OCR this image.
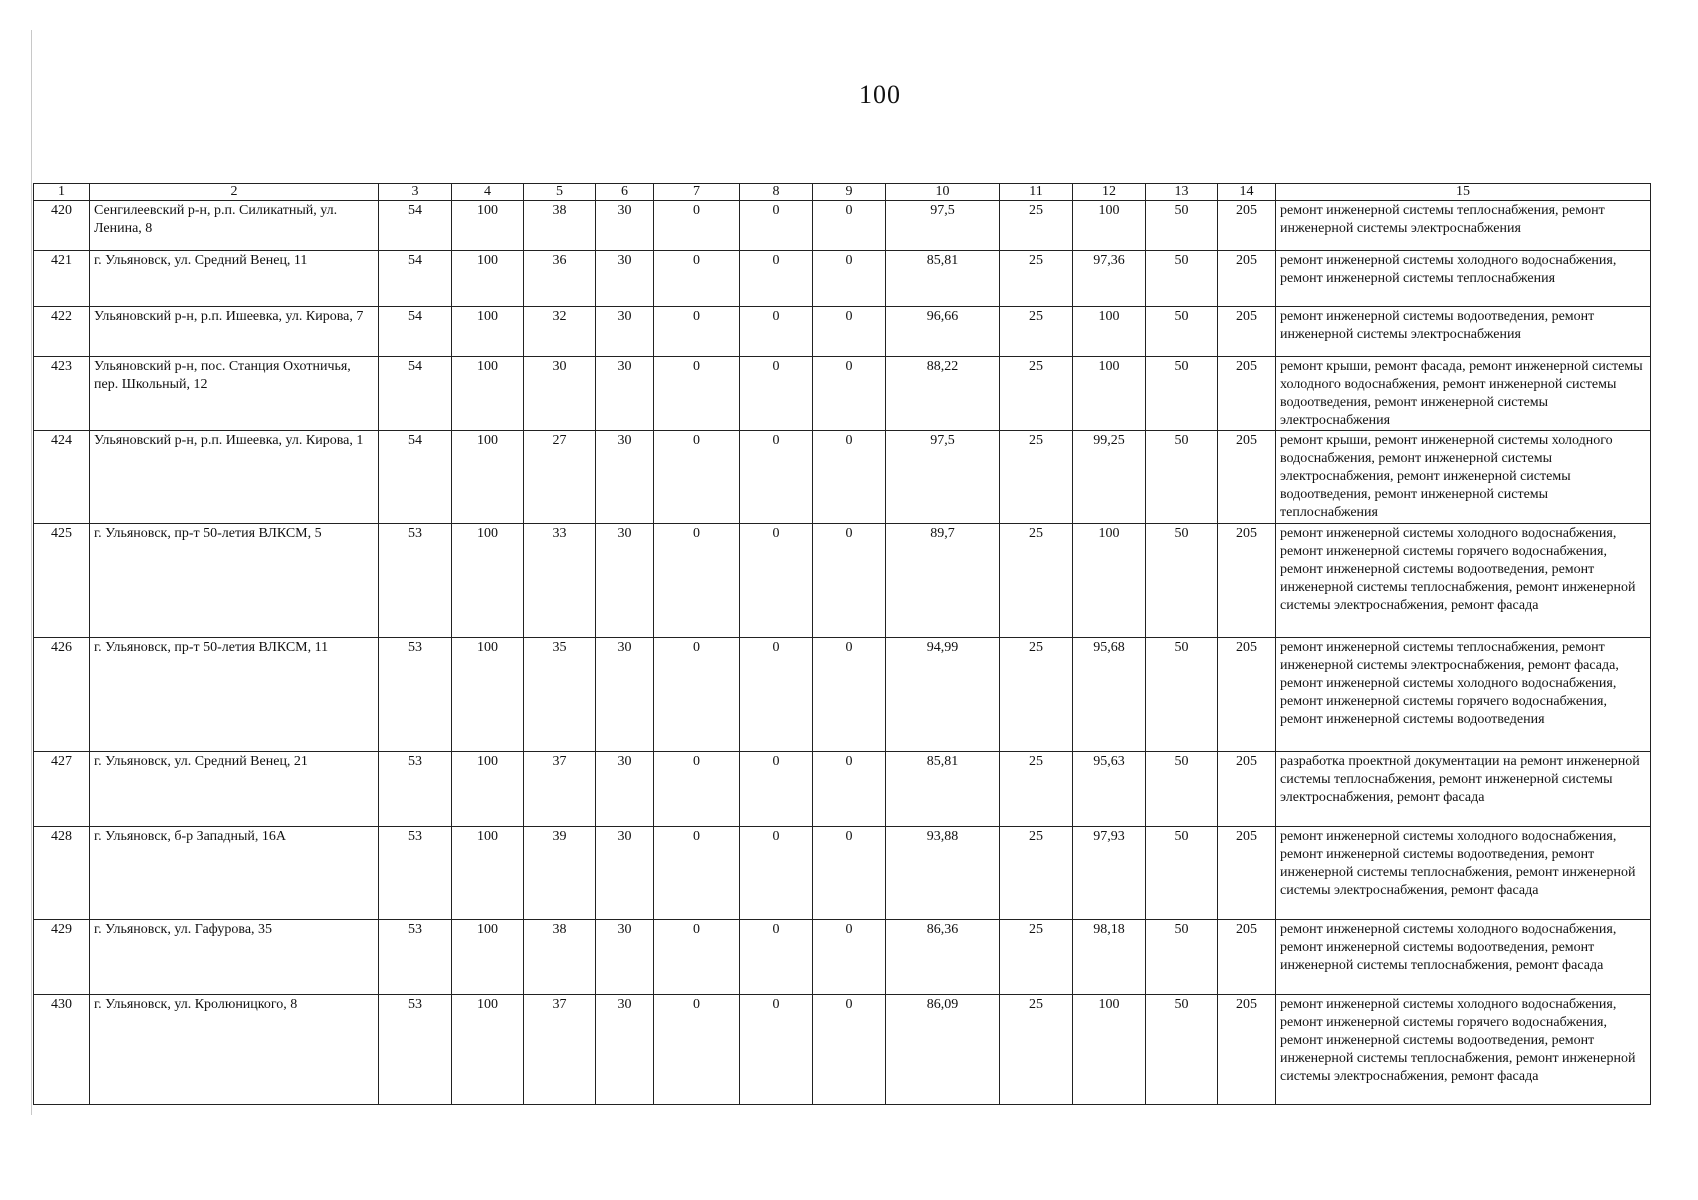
100
1	2	3	4	5	6	7	8	9	10	11	12	13	14	15
420	Сенгилеевский р-н, р.п. Силикатный, ул. Ленина, 8	54	100	38	30	0	0	0	97,5	25	100	50	205	ремонт инженерной системы теплоснабжения, ремонт инженерной системы электроснабжения
421	г. Ульяновск, ул. Средний Венец, 11	54	100	36	30	0	0	0	85,81	25	97,36	50	205	ремонт инженерной системы холодного водоснабжения, ремонт инженерной системы теплоснабжения
422	Ульяновский р-н, р.п. Ишеевка, ул. Кирова, 7	54	100	32	30	0	0	0	96,66	25	100	50	205	ремонт инженерной системы водоотведения, ремонт инженерной системы электроснабжения
423	Ульяновский р-н, пос. Станция Охотничья, пер. Школьный, 12	54	100	30	30	0	0	0	88,22	25	100	50	205	ремонт крыши, ремонт фасада, ремонт инженерной системы холодного водоснабжения, ремонт инженерной системы водоотведения, ремонт инженерной системы электроснабжения
424	Ульяновский р-н, р.п. Ишеевка, ул. Кирова, 1	54	100	27	30	0	0	0	97,5	25	99,25	50	205	ремонт крыши, ремонт инженерной системы холодного водоснабжения, ремонт инженерной системы электроснабжения, ремонт инженерной системы водоотведения, ремонт инженерной системы теплоснабжения
425	г. Ульяновск, пр-т 50-летия ВЛКСМ, 5	53	100	33	30	0	0	0	89,7	25	100	50	205	ремонт инженерной системы холодного водоснабжения, ремонт инженерной системы горячего водоснабжения, ремонт инженерной системы водоотведения, ремонт инженерной системы теплоснабжения, ремонт инженерной системы электроснабжения, ремонт фасада
426	г. Ульяновск, пр-т 50-летия ВЛКСМ, 11	53	100	35	30	0	0	0	94,99	25	95,68	50	205	ремонт инженерной системы теплоснабжения, ремонт инженерной системы электроснабжения, ремонт фасада, ремонт инженерной системы холодного водоснабжения, ремонт инженерной системы горячего водоснабжения, ремонт инженерной системы водоотведения
427	г. Ульяновск, ул. Средний Венец, 21	53	100	37	30	0	0	0	85,81	25	95,63	50	205	разработка проектной документации на ремонт инженерной системы теплоснабжения, ремонт инженерной системы электроснабжения, ремонт фасада
428	г. Ульяновск, б-р Западный, 16А	53	100	39	30	0	0	0	93,88	25	97,93	50	205	ремонт инженерной системы холодного водоснабжения, ремонт инженерной системы водоотведения, ремонт инженерной системы теплоснабжения, ремонт инженерной системы электроснабжения, ремонт фасада
429	г. Ульяновск, ул. Гафурова, 35	53	100	38	30	0	0	0	86,36	25	98,18	50	205	ремонт инженерной системы холодного водоснабжения, ремонт инженерной системы водоотведения, ремонт инженерной системы теплоснабжения, ремонт фасада
430	г. Ульяновск, ул. Кролюницкого, 8	53	100	37	30	0	0	0	86,09	25	100	50	205	ремонт инженерной системы холодного водоснабжения, ремонт инженерной системы горячего водоснабжения, ремонт инженерной системы водоотведения, ремонт инженерной системы теплоснабжения, ремонт инженерной системы электроснабжения, ремонт фасада
